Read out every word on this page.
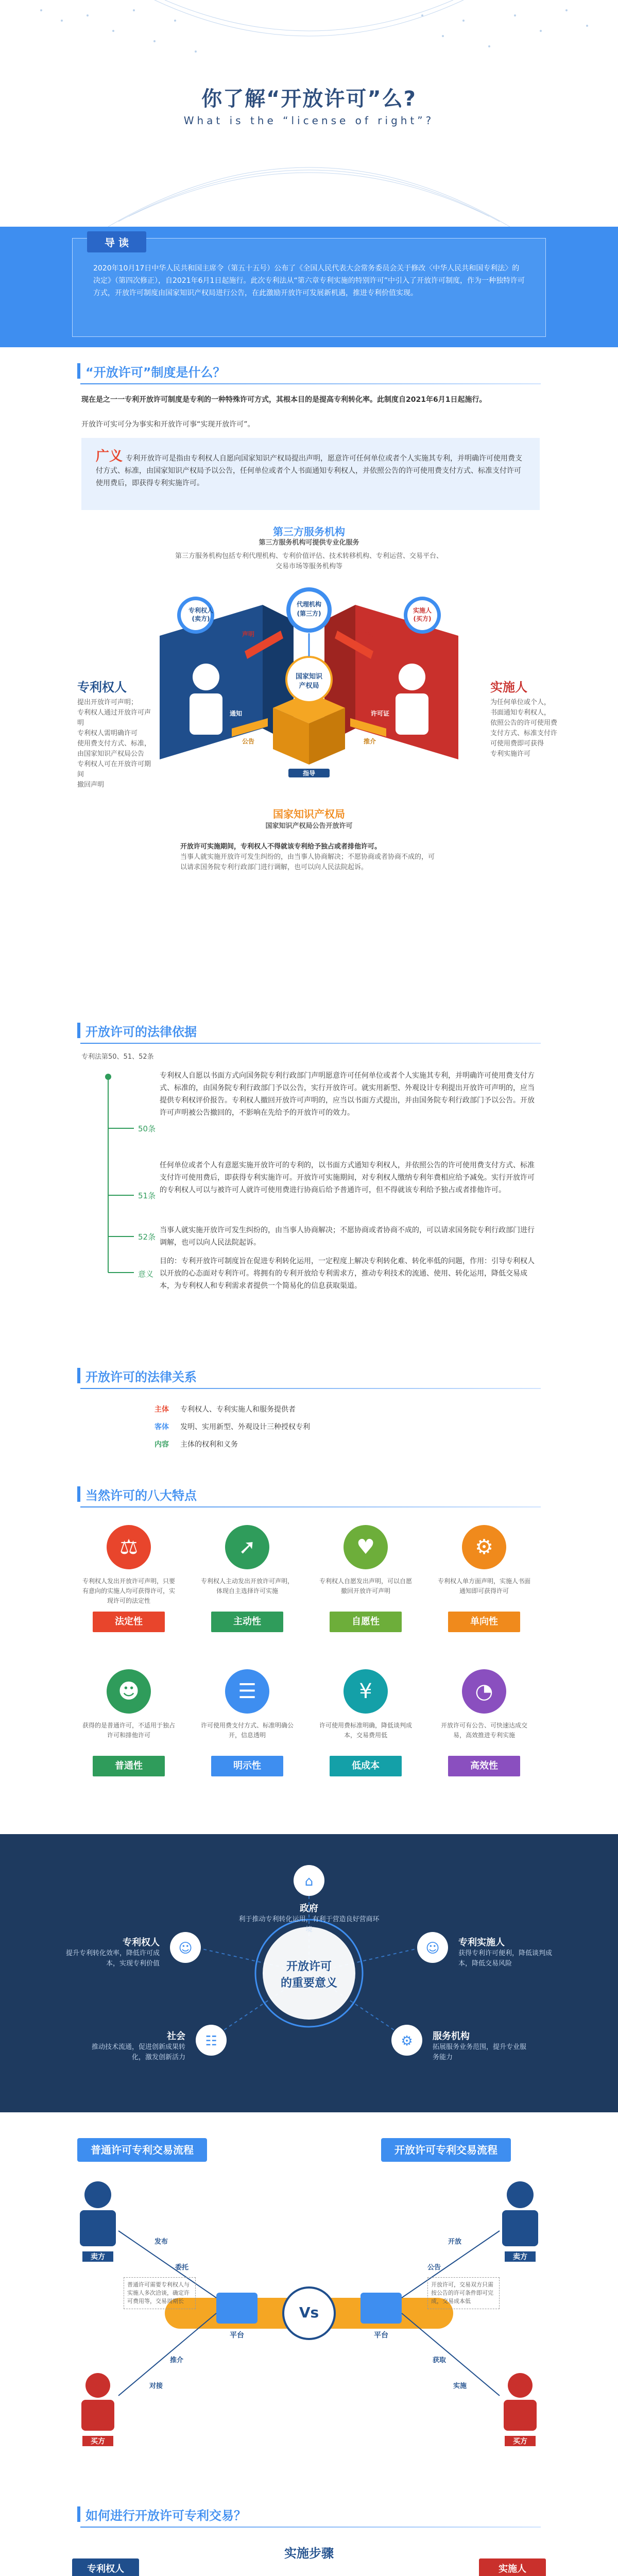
你了解“开放许可”么?
What is the “license of right”?
导 读
2020年10月17日中华人民共和国主席令（第五十五号）公布了《全国人民代表大会常务委员会关于修改〈中华人民共和国专利法〉的决定》（第四次修正），自2021年6月1日起施行。此次专利法从“第六章专利实施的特别许可”中引入了开放许可制度，作为一种独特许可方式，开放许可制度由国家知识产权局进行公告，在此激励开放许可发展新机遇，推进专利价值实现。
“开放许可”制度是什么？
现在是之一一专利开放许可制度是专利的一种特殊许可方式，其根本目的是提高专利转化率。此制度自2021年6月1日起施行。
开放许可实可分为事实和开放许可事“实现开放许可”。
广义 专利开放许可是指由专利权人自愿向国家知识产权局提出声明，愿意许可任何单位或者个人实施其专利，并明确许可使用费支付方式、标准，由国家知识产权局予以公告，任何单位或者个人书面通知专利权人，并依照公告的许可使用费支付方式、标准支付许可使用费后，即获得专利实施许可。
第三方服务机构
第三方服务机构可提供专业化服务
第三方服务机构包括专利代理机构、专利价值评估、技术转移机构、专利运营、交易平台、交易市场等服务机构等
专利权人
(卖方)
实施人
(买方)
代理机构
(第三方)
国家知识
产权局
指导
声明	审查
通知	许可证
公告	推介
专利权人
提出开放许可声明；
专利权人通过开放许可声明
专利权人需明确许可
使用费支付方式、标准，
由国家知识产权局公告
专利权人可在开放许可期间
撤回声明
实施人
为任何单位或个人，
书面通知专利权人，
依照公告的许可使用费
支付方式、标准支付许
可使用费即可获得
专利实施许可
国家知识产权局
国家知识产权局公告开放许可
开放许可实施期间，专利权人不得就该专利给予独占或者排他许可。
当事人就实施开放许可发生纠纷的，由当事人协商解决；不愿协商或者协商不成的，可以请求国务院专利行政部门进行调解，也可以向人民法院起诉。
开放许可的法律依据
专利法第50、51、52条
50条
专利权人自愿以书面方式向国务院专利行政部门声明愿意许可任何单位或者个人实施其专利，并明确许可使用费支付方式、标准的，由国务院专利行政部门予以公告，实行开放许可。就实用新型、外观设计专利提出开放许可声明的，应当提供专利权评价报告。专利权人撤回开放许可声明的，应当以书面方式提出，并由国务院专利行政部门予以公告。开放许可声明被公告撤回的，不影响在先给予的开放许可的效力。
51条
任何单位或者个人有意愿实施开放许可的专利的，以书面方式通知专利权人，并依照公告的许可使用费支付方式、标准支付许可使用费后，即获得专利实施许可。开放许可实施期间，对专利权人缴纳专利年费相应给予减免。实行开放许可的专利权人可以与被许可人就许可使用费进行协商后给予普通许可，但不得就该专利给予独占或者排他许可。
52条
当事人就实施开放许可发生纠纷的，由当事人协商解决；不愿协商或者协商不成的，可以请求国务院专利行政部门进行调解，也可以向人民法院起诉。
意义
目的：专利开放许可制度旨在促进专利转化运用，一定程度上解决专利转化难、转化率低的问题，作用：引导专利权人以开放的心态面对专利许可。将拥有的专利开放给专利需求方，推动专利技术的流通、使用、转化运用，降低交易成本，为专利权人和专利需求者提供一个简易化的信息获取渠道。
开放许可的法律关系
主体	专利权人、专利实施人和服务提供者
客体	发明、实用新型、外观设计三种授权专利
内容	主体的权利和义务
当然许可的八大特点
⚖
专利权人发出开放许可声明，只要有意向的实施人均可获得许可，实现许可的法定性
法定性
➚
专利权人主动发出开放许可声明，体现自主选择许可实施
主动性
♥
专利权人自愿发出声明，可以自愿撤回开放许可声明
自愿性
⚙
专利权人单方面声明，实施人书面通知即可获得许可
单向性
☻
获得的是普通许可，不适用于独占许可和排他许可
普通性
☰
许可使用费支付方式、标准明确公开，信息透明
明示性
¥
许可使用费标准明确，降低谈判成本，交易费用低
低成本
◔
开放许可有公告、可快速达成交易，高效推进专利实施
高效性
⌂
☺	☺
☷	⚙
开放许可
的重要意义
政府
利于推动专利转化运用，有利于营造良好营商环境
专利权人
提升专利转化效率，降低许可成本，实现专利价值
专利实施人
获得专利许可便利，降低谈判成本，降低交易风险
社会
推动技术流通，促进创新成果转化，激发创新活力
服务机构
拓展服务业务范围，提升专业服务能力
普通许可专利交易流程	开放许可专利交易流程
卖方
买方
卖方
买方
平台	平台
Vs
发布
委托
推介
对接
开放
公告
获取
实施
普通许可需要专利权人与实施人多次洽谈，确定许可费用等，交易周期长
开放许可，交易双方只需按公告的许可条件即可完成，交易成本低
如何进行开放许可专利交易？
实施步骤
专利权人	实施人
